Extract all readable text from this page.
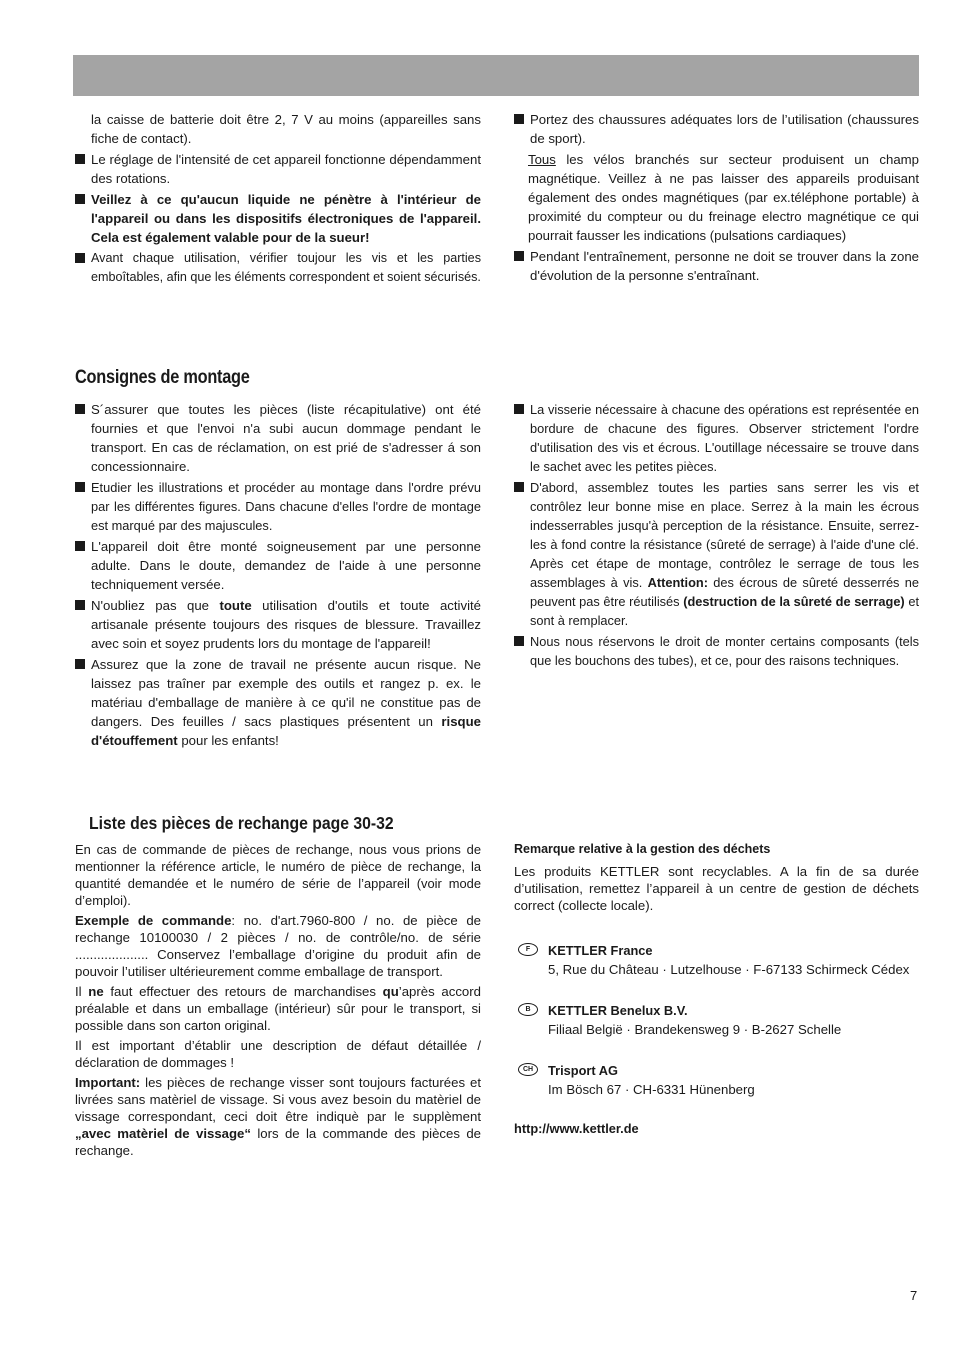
la caisse de batterie doit être 2, 7 V au moins (appareilles sans fiche de contact).
Le réglage de l'intensité de cet appareil fonctionne dépendamment des rotations.
Veillez à ce qu'aucun liquide ne pénètre à l'intérieur de l'appareil ou dans les dispositifs électroniques de l'appareil. Cela est également valable pour de la sueur!
Avant chaque utilisation, vérifier toujour les vis et les parties emboîtables, afin que les éléments correspondent et soient sécurisés.
Portez des chaussures adéquates lors de l’utilisation (chaussures de sport).
Tous les vélos branchés sur secteur produisent un champ magnétique. Veillez à ne pas laisser des appareils produisant également des ondes magnétiques (par ex.téléphone portable) à proximité du compteur ou du freinage electro magnétique ce qui pourrait fausser les indications (pulsations cardiaques)
Pendant l'entraînement, personne ne doit se trouver dans la zone d'évolution de la personne s'entraînant.
Consignes de montage
S´assurer que toutes les pièces (liste récapitulative) ont été fournies et que l'envoi n'a subi aucun dommage pendant le transport. En cas de réclamation, on est prié de s'adresser á son concessionnaire.
Etudier les illustrations et procéder au montage dans l'ordre prévu par les différentes figures. Dans chacune d'elles l'ordre de montage est marqué par des majuscules.
L'appareil doit être monté soigneusement par une personne adulte. Dans le doute, demandez de l'aide à une personne techniquement versée.
N'oubliez pas que toute utilisation d'outils et toute activité artisanale présente toujours des risques de blessure. Travaillez avec soin et soyez prudents lors du montage de l'appareil!
Assurez que la zone de travail ne présente aucun risque. Ne laissez pas traîner par exemple des outils et rangez p. ex. le matériau d'emballage de manière à ce qu'il ne constitue pas de dangers. Des feuilles / sacs plastiques présentent un risque d'étouffement pour les enfants!
La visserie nécessaire à chacune des opérations est représentée en bordure de chacune des figures. Observer strictement l'ordre d'utilisation des vis et écrous. L'outillage nécessaire se trouve dans le sachet avec les petites pièces.
D'abord, assemblez toutes les parties sans serrer les vis et contrôlez leur bonne mise en place. Serrez à la main les écrous indesserrables jusqu'à perception de la résistance. Ensuite, serrez-les à fond contre la résistance (sûreté de serrage) à l'aide d'une clé. Après cet étape de montage, contrôlez le serrage de tous les assemblages à vis. Attention: des écrous de sûreté desserrés ne peuvent pas être réutilisés (destruction de la sûreté de serrage) et sont à remplacer.
Nous nous réservons le droit de monter certains composants (tels que les bouchons des tubes), et ce, pour des raisons techniques.
Liste des pièces de rechange page 30-32

En cas de commande de pièces de rechange, nous vous prions de mentionner la référence article, le numéro de pièce de rechange, la quantité demandée et le numéro de série de l’appareil (voir mode d’emploi).

Exemple de commande: no. d'art.7960-800 / no. de pièce de rechange 10100030 / 2 pièces / no. de contrôle/no. de série .................... Conservez l’emballage d’origine du produit afin de pouvoir l’utiliser ultérieurement comme emballage de transport.

Il ne faut effectuer des retours de marchandises qu’après accord préalable et dans un emballage (intérieur) sûr pour le transport, si possible dans son carton original.

Il est important d’établir une description de défaut détaillée / déclaration de dommages !

Important: les pièces de rechange visser sont toujours facturées et livrées sans matèriel de vissage. Si vous avez besoin du matèriel de vissage correspondant, ceci doit être indiquè par le supplèment „avec matèriel de vissage“ lors de la commande des pièces de rechange.

Remarque relative à la gestion des déchets

Les produits KETTLER sont recyclables. A la fin de sa durée d’utilisation, remettez l’appareil à un centre de gestion de déchets correct (collecte locale).

F	KETTLER France
5, Rue du Château · Lutzelhouse · F-67133 Schirmeck Cédex
B	KETTLER Benelux B.V.
Filiaal België · Brandekensweg 9 · B-2627 Schelle
CH	Trisport AG
Im Bösch 67 · CH-6331 Hünenberg
http://www.kettler.de
7
